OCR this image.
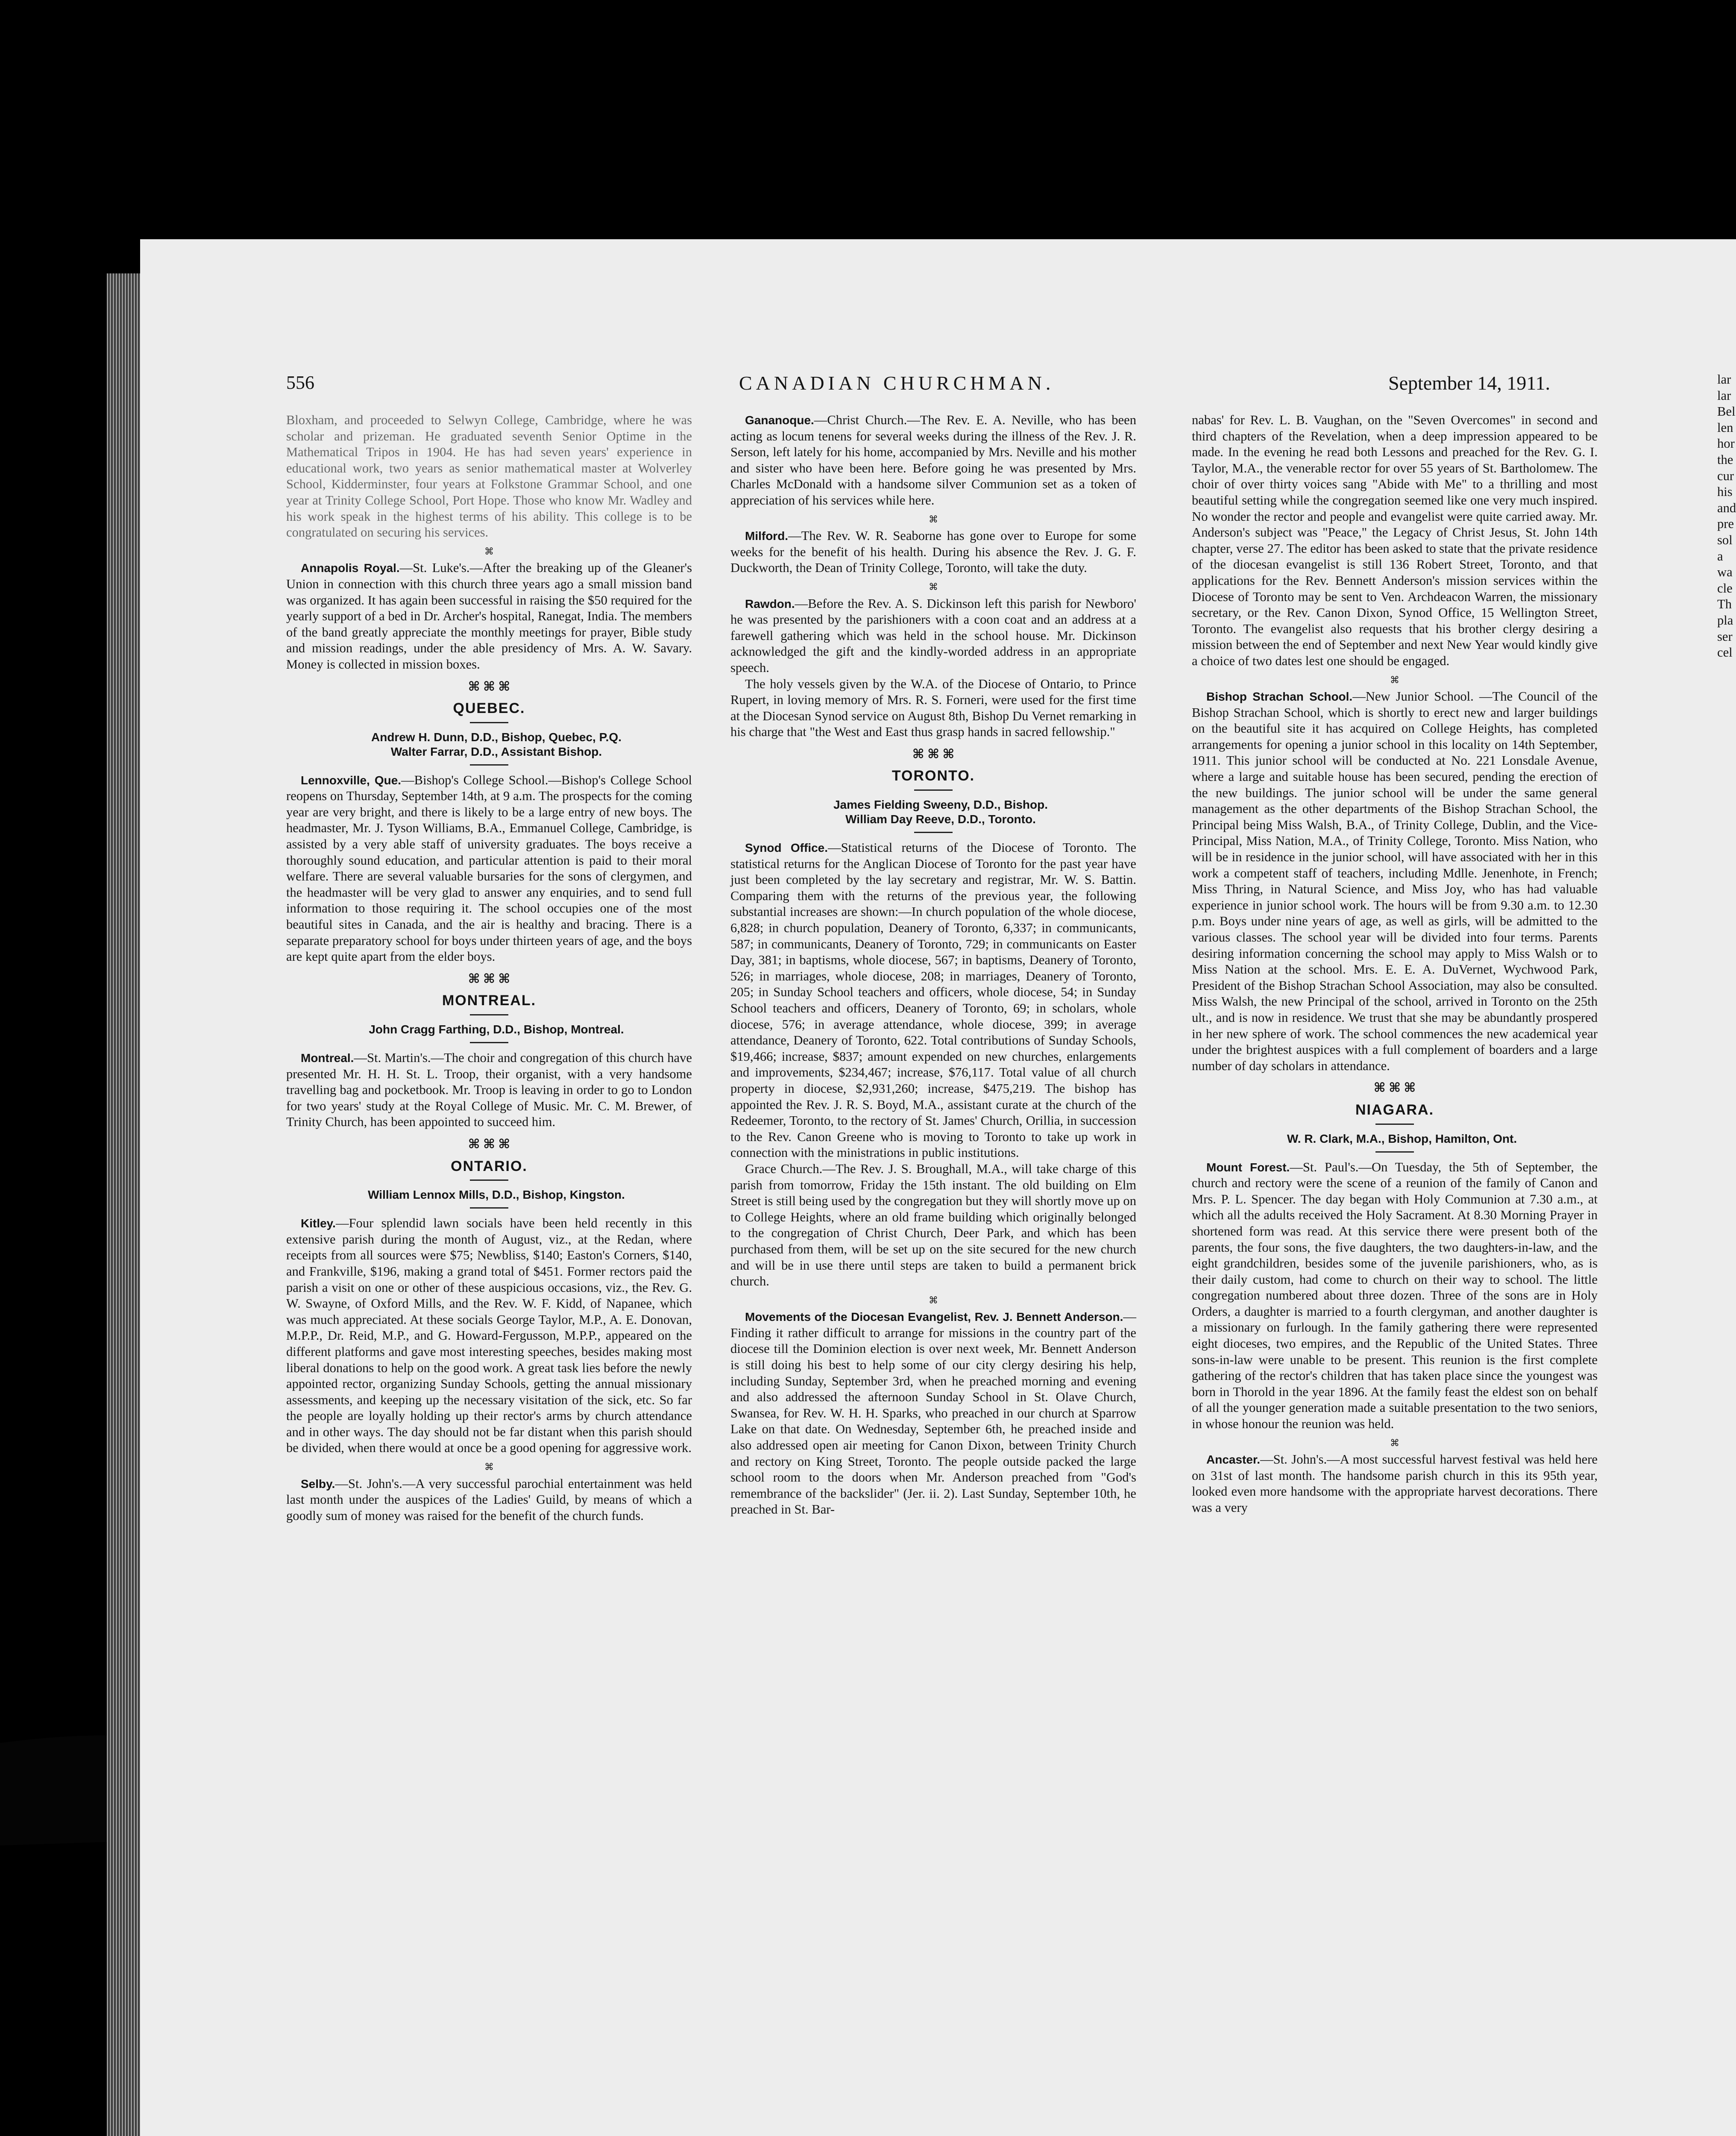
556	CANADIAN CHURCHMAN.	September 14, 1911.

Bloxham, and proceeded to Selwyn College, Cambridge, where he was scholar and prizeman. He graduated seventh Senior Optime in the Mathematical Tripos in 1904. He has had seven years' experience in educational work, two years as senior mathematical master at Wolverley School, Kidderminster, four years at Folkstone Grammar School, and one year at Trinity College School, Port Hope. Those who know Mr. Wadley and his work speak in the highest terms of his ability. This college is to be congratulated on securing his services.

⌘

Annapolis Royal.—St. Luke's.—After the breaking up of the Gleaner's Union in connection with this church three years ago a small mission band was organized. It has again been successful in raising the $50 required for the yearly support of a bed in Dr. Archer's hospital, Ranegat, India. The members of the band greatly appreciate the monthly meetings for prayer, Bible study and mission readings, under the able presidency of Mrs. A. W. Savary. Money is collected in mission boxes.

⌘ ⌘ ⌘
QUEBEC.

Andrew H. Dunn, D.D., Bishop, Quebec, P.Q.

Walter Farrar, D.D., Assistant Bishop.

Lennoxville, Que.—Bishop's College School.—Bishop's College School reopens on Thursday, September 14th, at 9 a.m. The prospects for the coming year are very bright, and there is likely to be a large entry of new boys. The headmaster, Mr. J. Tyson Williams, B.A., Emmanuel College, Cambridge, is assisted by a very able staff of university graduates. The boys receive a thoroughly sound education, and particular attention is paid to their moral welfare. There are several valuable bursaries for the sons of clergymen, and the headmaster will be very glad to answer any enquiries, and to send full information to those requiring it. The school occupies one of the most beautiful sites in Canada, and the air is healthy and bracing. There is a separate preparatory school for boys under thirteen years of age, and the boys are kept quite apart from the elder boys.

⌘ ⌘ ⌘
MONTREAL.

John Cragg Farthing, D.D., Bishop, Montreal.

Montreal.—St. Martin's.—The choir and congregation of this church have presented Mr. H. H. St. L. Troop, their organist, with a very handsome travelling bag and pocketbook. Mr. Troop is leaving in order to go to London for two years' study at the Royal College of Music. Mr. C. M. Brewer, of Trinity Church, has been appointed to succeed him.

⌘ ⌘ ⌘
ONTARIO.

William Lennox Mills, D.D., Bishop, Kingston.

Kitley.—Four splendid lawn socials have been held recently in this extensive parish during the month of August, viz., at the Redan, where receipts from all sources were $75; Newbliss, $140; Easton's Corners, $140, and Frankville, $196, making a grand total of $451. Former rectors paid the parish a visit on one or other of these auspicious occasions, viz., the Rev. G. W. Swayne, of Oxford Mills, and the Rev. W. F. Kidd, of Napanee, which was much appreciated. At these socials George Taylor, M.P., A. E. Donovan, M.P.P., Dr. Reid, M.P., and G. Howard-Fergusson, M.P.P., appeared on the different platforms and gave most interesting speeches, besides making most liberal donations to help on the good work. A great task lies before the newly appointed rector, organizing Sunday Schools, getting the annual missionary assessments, and keeping up the necessary visitation of the sick, etc. So far the people are loyally holding up their rector's arms by church attendance and in other ways. The day should not be far distant when this parish should be divided, when there would at once be a good opening for aggressive work.

⌘

Selby.—St. John's.—A very successful parochial entertainment was held last month under the auspices of the Ladies' Guild, by means of which a goodly sum of money was raised for the benefit of the church funds.

Gananoque.—Christ Church.—The Rev. E. A. Neville, who has been acting as locum tenens for several weeks during the illness of the Rev. J. R. Serson, left lately for his home, accompanied by Mrs. Neville and his mother and sister who have been here. Before going he was presented by Mrs. Charles McDonald with a handsome silver Communion set as a token of appreciation of his services while here.

⌘

Milford.—The Rev. W. R. Seaborne has gone over to Europe for some weeks for the benefit of his health. During his absence the Rev. J. G. F. Duckworth, the Dean of Trinity College, Toronto, will take the duty.

⌘

Rawdon.—Before the Rev. A. S. Dickinson left this parish for Newboro' he was presented by the parishioners with a coon coat and an address at a farewell gathering which was held in the school house. Mr. Dickinson acknowledged the gift and the kindly-worded address in an appropriate speech.

The holy vessels given by the W.A. of the Diocese of Ontario, to Prince Rupert, in loving memory of Mrs. R. S. Forneri, were used for the first time at the Diocesan Synod service on August 8th, Bishop Du Vernet remarking in his charge that "the West and East thus grasp hands in sacred fellowship."

⌘ ⌘ ⌘
TORONTO.

James Fielding Sweeny, D.D., Bishop.

William Day Reeve, D.D., Toronto.

Synod Office.—Statistical returns of the Diocese of Toronto. The statistical returns for the Anglican Diocese of Toronto for the past year have just been completed by the lay secretary and registrar, Mr. W. S. Battin. Comparing them with the returns of the previous year, the following substantial increases are shown:—In church population of the whole diocese, 6,828; in church population, Deanery of Toronto, 6,337; in communicants, 587; in communicants, Deanery of Toronto, 729; in communicants on Easter Day, 381; in baptisms, whole diocese, 567; in baptisms, Deanery of Toronto, 526; in marriages, whole diocese, 208; in marriages, Deanery of Toronto, 205; in Sunday School teachers and officers, whole diocese, 54; in Sunday School teachers and officers, Deanery of Toronto, 69; in scholars, whole diocese, 576; in average attendance, whole diocese, 399; in average attendance, Deanery of Toronto, 622. Total contributions of Sunday Schools, $19,466; increase, $837; amount expended on new churches, enlargements and improvements, $234,467; increase, $76,117. Total value of all church property in diocese, $2,931,260; increase, $475,219. The bishop has appointed the Rev. J. R. S. Boyd, M.A., assistant curate at the church of the Redeemer, Toronto, to the rectory of St. James' Church, Orillia, in succession to the Rev. Canon Greene who is moving to Toronto to take up work in connection with the ministrations in public institutions.

Grace Church.—The Rev. J. S. Broughall, M.A., will take charge of this parish from tomorrow, Friday the 15th instant. The old building on Elm Street is still being used by the congregation but they will shortly move up on to College Heights, where an old frame building which originally belonged to the congregation of Christ Church, Deer Park, and which has been purchased from them, will be set up on the site secured for the new church and will be in use there until steps are taken to build a permanent brick church.

⌘

Movements of the Diocesan Evangelist, Rev. J. Bennett Anderson.—Finding it rather difficult to arrange for missions in the country part of the diocese till the Dominion election is over next week, Mr. Bennett Anderson is still doing his best to help some of our city clergy desiring his help, including Sunday, September 3rd, when he preached morning and evening and also addressed the afternoon Sunday School in St. Olave Church, Swansea, for Rev. W. H. H. Sparks, who preached in our church at Sparrow Lake on that date. On Wednesday, September 6th, he preached inside and also addressed open air meeting for Canon Dixon, between Trinity Church and rectory on King Street, Toronto. The people outside packed the large school room to the doors when Mr. Anderson preached from "God's remembrance of the backslider" (Jer. ii. 2). Last Sunday, September 10th, he preached in St. Bar-

nabas' for Rev. L. B. Vaughan, on the "Seven Overcomes" in second and third chapters of the Revelation, when a deep impression appeared to be made. In the evening he read both Lessons and preached for the Rev. G. I. Taylor, M.A., the venerable rector for over 55 years of St. Bartholomew. The choir of over thirty voices sang "Abide with Me" to a thrilling and most beautiful setting while the congregation seemed like one very much inspired. No wonder the rector and people and evangelist were quite carried away. Mr. Anderson's subject was "Peace," the Legacy of Christ Jesus, St. John 14th chapter, verse 27. The editor has been asked to state that the private residence of the diocesan evangelist is still 136 Robert Street, Toronto, and that applications for the Rev. Bennett Anderson's mission services within the Diocese of Toronto may be sent to Ven. Archdeacon Warren, the missionary secretary, or the Rev. Canon Dixon, Synod Office, 15 Wellington Street, Toronto. The evangelist also requests that his brother clergy desiring a mission between the end of September and next New Year would kindly give a choice of two dates lest one should be engaged.

⌘

Bishop Strachan School.—New Junior School. —The Council of the Bishop Strachan School, which is shortly to erect new and larger buildings on the beautiful site it has acquired on College Heights, has completed arrangements for opening a junior school in this locality on 14th September, 1911. This junior school will be conducted at No. 221 Lonsdale Avenue, where a large and suitable house has been secured, pending the erection of the new buildings. The junior school will be under the same general management as the other departments of the Bishop Strachan School, the Principal being Miss Walsh, B.A., of Trinity College, Dublin, and the Vice-Principal, Miss Nation, M.A., of Trinity College, Toronto. Miss Nation, who will be in residence in the junior school, will have associated with her in this work a competent staff of teachers, including Mdlle. Jenenhote, in French; Miss Thring, in Natural Science, and Miss Joy, who has had valuable experience in junior school work. The hours will be from 9.30 a.m. to 12.30 p.m. Boys under nine years of age, as well as girls, will be admitted to the various classes. The school year will be divided into four terms. Parents desiring information concerning the school may apply to Miss Walsh or to Miss Nation at the school. Mrs. E. E. A. DuVernet, Wychwood Park, President of the Bishop Strachan School Association, may also be consulted. Miss Walsh, the new Principal of the school, arrived in Toronto on the 25th ult., and is now in residence. We trust that she may be abundantly prospered in her new sphere of work. The school commences the new academical year under the brightest auspices with a full complement of boarders and a large number of day scholars in attendance.

⌘ ⌘ ⌘
NIAGARA.

W. R. Clark, M.A., Bishop, Hamilton, Ont.

Mount Forest.—St. Paul's.—On Tuesday, the 5th of September, the church and rectory were the scene of a reunion of the family of Canon and Mrs. P. L. Spencer. The day began with Holy Communion at 7.30 a.m., at which all the adults received the Holy Sacrament. At 8.30 Morning Prayer in shortened form was read. At this service there were present both of the parents, the four sons, the five daughters, the two daughters-in-law, and the eight grandchildren, besides some of the juvenile parishioners, who, as is their daily custom, had come to church on their way to school. The little congregation numbered about three dozen. Three of the sons are in Holy Orders, a daughter is married to a fourth clergyman, and another daughter is a missionary on furlough. In the family gathering there were represented eight dioceses, two empires, and the Republic of the United States. Three sons-in-law were unable to be present. This reunion is the first complete gathering of the rector's children that has taken place since the youngest was born in Thorold in the year 1896. At the family feast the eldest son on behalf of all the younger generation made a suitable presentation to the two seniors, in whose honour the reunion was held.

⌘

Ancaster.—St. John's.—A most successful harvest festival was held here on 31st of last month. The handsome parish church in this its 95th year, looked even more handsome with the appropriate harvest decorations. There was a very

lar
lar
Bel
len
hor
the
cur
his
and
pre
sol
a
wa
cle
Th
pla
ser
cel
